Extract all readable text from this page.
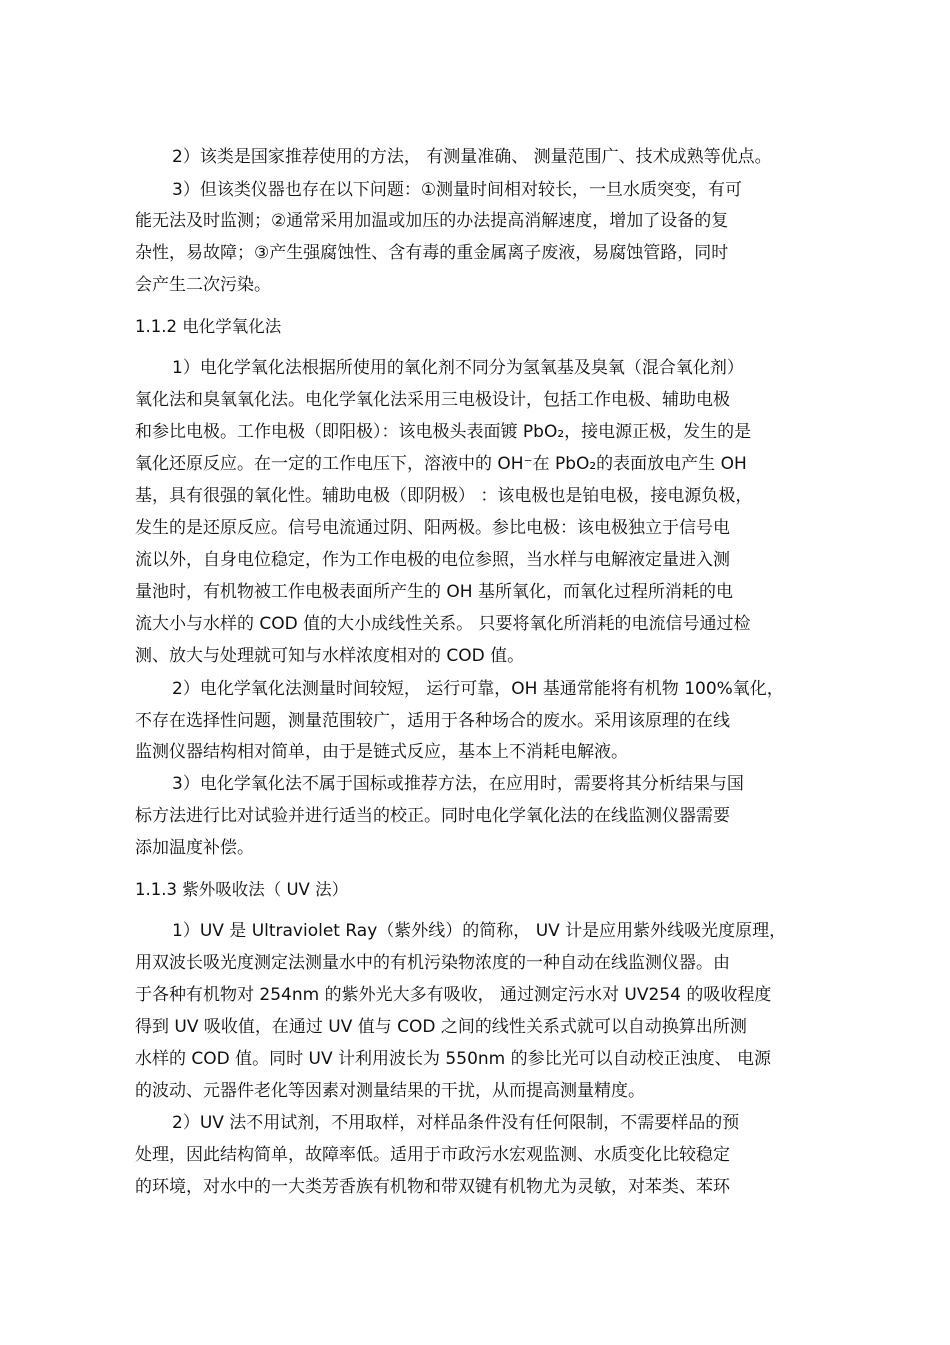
2）该类是国家推荐使用的方法， 有测量准确、 测量范围广、技术成熟等优点。
3）但该类仪器也存在以下问题：①测量时间相对较长，一旦水质突变，有可
能无法及时监测；②通常采用加温或加压的办法提高消解速度，增加了设备的复
杂性，易故障；③产生强腐蚀性、含有毒的重金属离子废液，易腐蚀管路，同时
会产生二次污染。
1.1.2 电化学氧化法
1）电化学氧化法根据所使用的氧化剂不同分为氢氧基及臭氧（混合氧化剂）
氧化法和臭氧氧化法。电化学氧化法采用三电极设计，包括工作电极、辅助电极
和参比电极。工作电极（即阳极）：该电极头表面镀 PbO₂，接电源正极，发生的是
氧化还原反应。在一定的工作电压下，溶液中的 OH⁻在 PbO₂的表面放电产生 OH
基，具有很强的氧化性。辅助电极（即阴极） ：该电极也是铂电极，接电源负极，
发生的是还原反应。信号电流通过阴、阳两极。参比电极：该电极独立于信号电
流以外，自身电位稳定，作为工作电极的电位参照，当水样与电解液定量进入测
量池时，有机物被工作电极表面所产生的 OH 基所氧化，而氧化过程所消耗的电
流大小与水样的 COD 值的大小成线性关系。 只要将氧化所消耗的电流信号通过检
测、放大与处理就可知与水样浓度相对的 COD 值。
2）电化学氧化法测量时间较短， 运行可靠，OH 基通常能将有机物 100%氧化，
不存在选择性问题，测量范围较广，适用于各种场合的废水。采用该原理的在线
监测仪器结构相对简单，由于是链式反应，基本上不消耗电解液。
3）电化学氧化法不属于国标或推荐方法，在应用时，需要将其分析结果与国
标方法进行比对试验并进行适当的校正。同时电化学氧化法的在线监测仪器需要
添加温度补偿。
1.1.3 紫外吸收法（ UV 法）
1）UV 是 Ultraviolet Ray（紫外线）的简称， UV 计是应用紫外线吸光度原理，
用双波长吸光度测定法测量水中的有机污染物浓度的一种自动在线监测仪器。由
于各种有机物对 254nm 的紫外光大多有吸收， 通过测定污水对 UV254 的吸收程度
得到 UV 吸收值，在通过 UV 值与 COD 之间的线性关系式就可以自动换算出所测
水样的 COD 值。同时 UV 计利用波长为 550nm 的参比光可以自动校正浊度、 电源
的波动、元器件老化等因素对测量结果的干扰，从而提高测量精度。
2）UV 法不用试剂，不用取样，对样品条件没有任何限制，不需要样品的预
处理，因此结构简单，故障率低。适用于市政污水宏观监测、水质变化比较稳定
的环境，对水中的一大类芳香族有机物和带双键有机物尤为灵敏，对苯类、苯环
